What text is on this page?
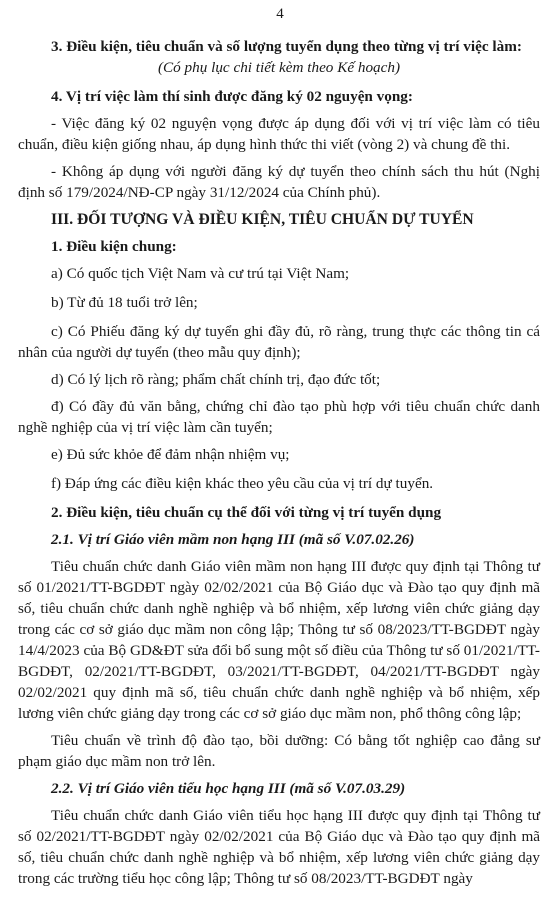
4

3. Điều kiện, tiêu chuẩn và số lượng tuyển dụng theo từng vị trí việc làm:

(Có phụ lục chi tiết kèm theo Kế hoạch)

4. Vị trí việc làm thí sinh được đăng ký 02 nguyện vọng:

- Việc đăng ký 02 nguyện vọng được áp dụng đối với vị trí việc làm có tiêu chuẩn, điều kiện giống nhau, áp dụng hình thức thi viết (vòng 2) và chung đề thi.

- Không áp dụng với người đăng ký dự tuyển theo chính sách thu hút (Nghị định số 179/2024/NĐ-CP ngày 31/12/2024 của Chính phủ).

III. ĐỐI TƯỢNG VÀ ĐIỀU KIỆN, TIÊU CHUẨN DỰ TUYỂN

1. Điều kiện chung:

a) Có quốc tịch Việt Nam và cư trú tại Việt Nam;

b) Từ đủ 18 tuổi trở lên;

c) Có Phiếu đăng ký dự tuyển ghi đầy đủ, rõ ràng, trung thực các thông tin cá nhân của người dự tuyển (theo mẫu quy định);

d) Có lý lịch rõ ràng; phẩm chất chính trị, đạo đức tốt;

đ) Có đầy đủ văn bằng, chứng chỉ đào tạo phù hợp với tiêu chuẩn chức danh nghề nghiệp của vị trí việc làm cần tuyển;

e) Đủ sức khỏe để đảm nhận nhiệm vụ;

f) Đáp ứng các điều kiện khác theo yêu cầu của vị trí dự tuyển.

2. Điều kiện, tiêu chuẩn cụ thể đối với từng vị trí tuyển dụng

2.1. Vị trí Giáo viên mầm non hạng III (mã số V.07.02.26)

Tiêu chuẩn chức danh Giáo viên mầm non hạng III được quy định tại Thông tư số 01/2021/TT-BGDĐT ngày 02/02/2021 của Bộ Giáo dục và Đào tạo quy định mã số, tiêu chuẩn chức danh nghề nghiệp và bổ nhiệm, xếp lương viên chức giảng dạy trong các cơ sở giáo dục mầm non công lập; Thông tư số 08/2023/TT-BGDĐT ngày 14/4/2023 của Bộ GD&ĐT sửa đổi bổ sung một số điều của Thông tư số 01/2021/TT-BGDĐT, 02/2021/TT-BGDĐT, 03/2021/TT-BGDĐT, 04/2021/TT-BGDĐT ngày 02/02/2021 quy định mã số, tiêu chuẩn chức danh nghề nghiệp và bổ nhiệm, xếp lương viên chức giảng dạy trong các cơ sở giáo dục mầm non, phổ thông công lập;

Tiêu chuẩn về trình độ đào tạo, bồi dưỡng: Có bằng tốt nghiệp cao đẳng sư phạm giáo dục mầm non trở lên.

2.2. Vị trí Giáo viên tiểu học hạng III (mã số V.07.03.29)

Tiêu chuẩn chức danh Giáo viên tiểu học hạng III được quy định tại Thông tư số 02/2021/TT-BGDĐT ngày 02/02/2021 của Bộ Giáo dục và Đào tạo quy định mã số, tiêu chuẩn chức danh nghề nghiệp và bổ nhiệm, xếp lương viên chức giảng dạy trong các trường tiểu học công lập; Thông tư số 08/2023/TT-BGDĐT ngày
